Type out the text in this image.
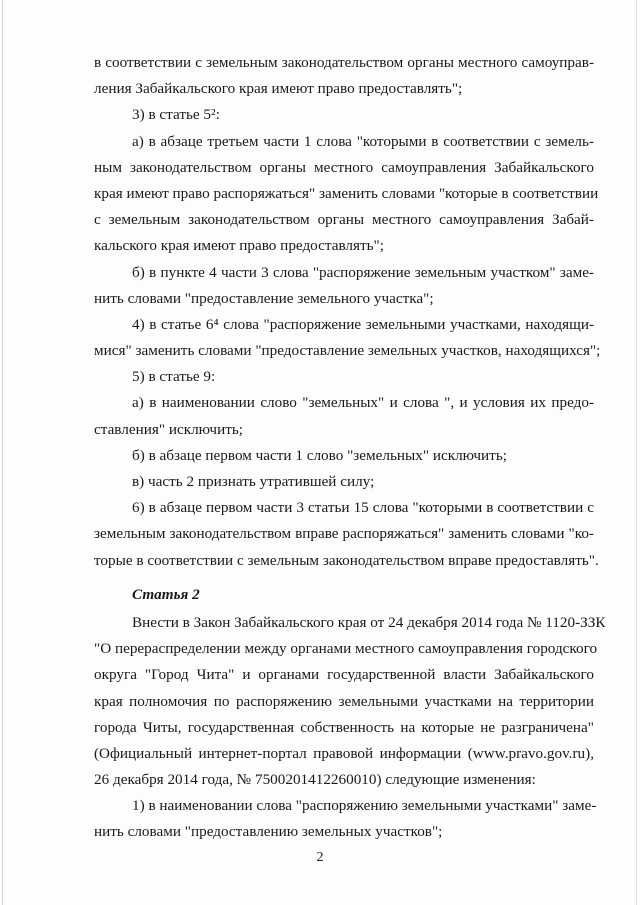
в соответствии с земельным законодательством органы местного самоуправ-
ления Забайкальского края имеют право предоставлять";
3) в статье 5²:
а) в абзаце третьем части 1 слова "которыми в соответствии с земель-
ным законодательством органы местного самоуправления Забайкальского
края имеют право распоряжаться" заменить словами "которые в соответствии
с земельным законодательством органы местного самоуправления Забай-
кальского края имеют право предоставлять";
б) в пункте 4 части 3 слова "распоряжение земельным участком" заме-
нить словами "предоставление земельного участка";
4) в статье 6⁴ слова "распоряжение земельными участками, находящи-
мися" заменить словами "предоставление земельных участков, находящихся";
5) в статье 9:
а) в наименовании слово "земельных" и слова ", и условия их предо-
ставления" исключить;
б) в абзаце первом части 1 слово "земельных" исключить;
в) часть 2 признать утратившей силу;
6) в абзаце первом части 3 статьи 15 слова "которыми в соответствии с
земельным законодательством вправе распоряжаться" заменить словами "ко-
торые в соответствии с земельным законодательством вправе предоставлять".
Статья 2
Внести в Закон Забайкальского края от 24 декабря 2014 года № 1120-ЗЗК
"О перераспределении между органами местного самоуправления городского
округа "Город Чита" и органами государственной власти Забайкальского
края полномочия по распоряжению земельными участками на территории
города Читы, государственная собственность на которые не разграничена"
(Официальный интернет-портал правовой информации (www.pravo.gov.ru),
26 декабря 2014 года, № 7500201412260010) следующие изменения:
1) в наименовании слова "распоряжению земельными участками" заме-
нить словами "предоставлению земельных участков";
2
